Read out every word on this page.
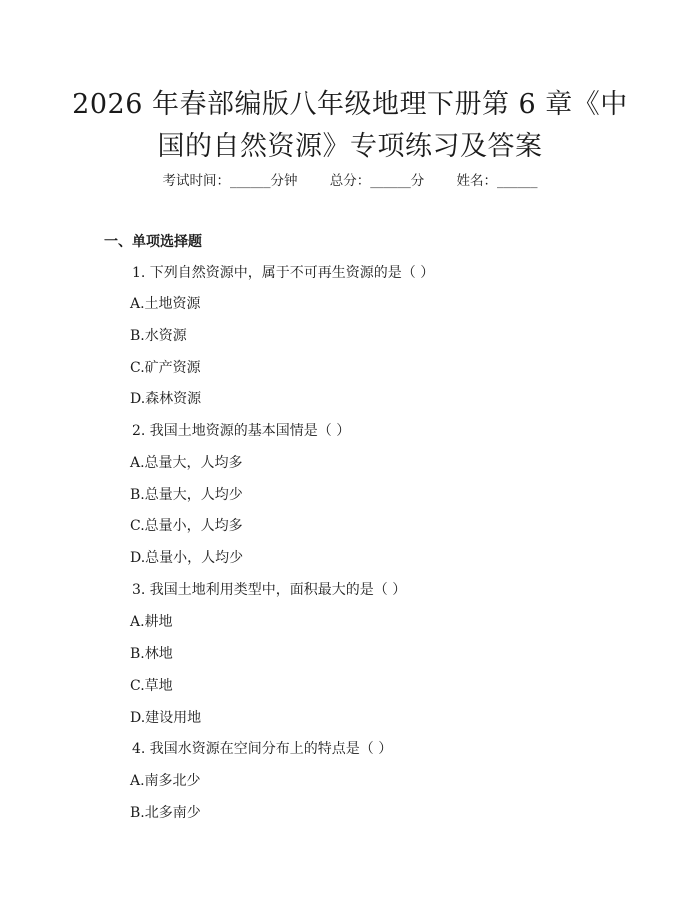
2026 年春部编版八年级地理下册第 6 章《中
国的自然资源》专项练习及答案
考试时间：______分钟 总分：______分 姓名：______
一、单项选择题
1. 下列自然资源中，属于不可再生资源的是（ ）
A.土地资源
B.水资源
C.矿产资源
D.森林资源
2. 我国土地资源的基本国情是（ ）
A.总量大，人均多
B.总量大，人均少
C.总量小，人均多
D.总量小，人均少
3. 我国土地利用类型中，面积最大的是（ ）
A.耕地
B.林地
C.草地
D.建设用地
4. 我国水资源在空间分布上的特点是（ ）
A.南多北少
B.北多南少
